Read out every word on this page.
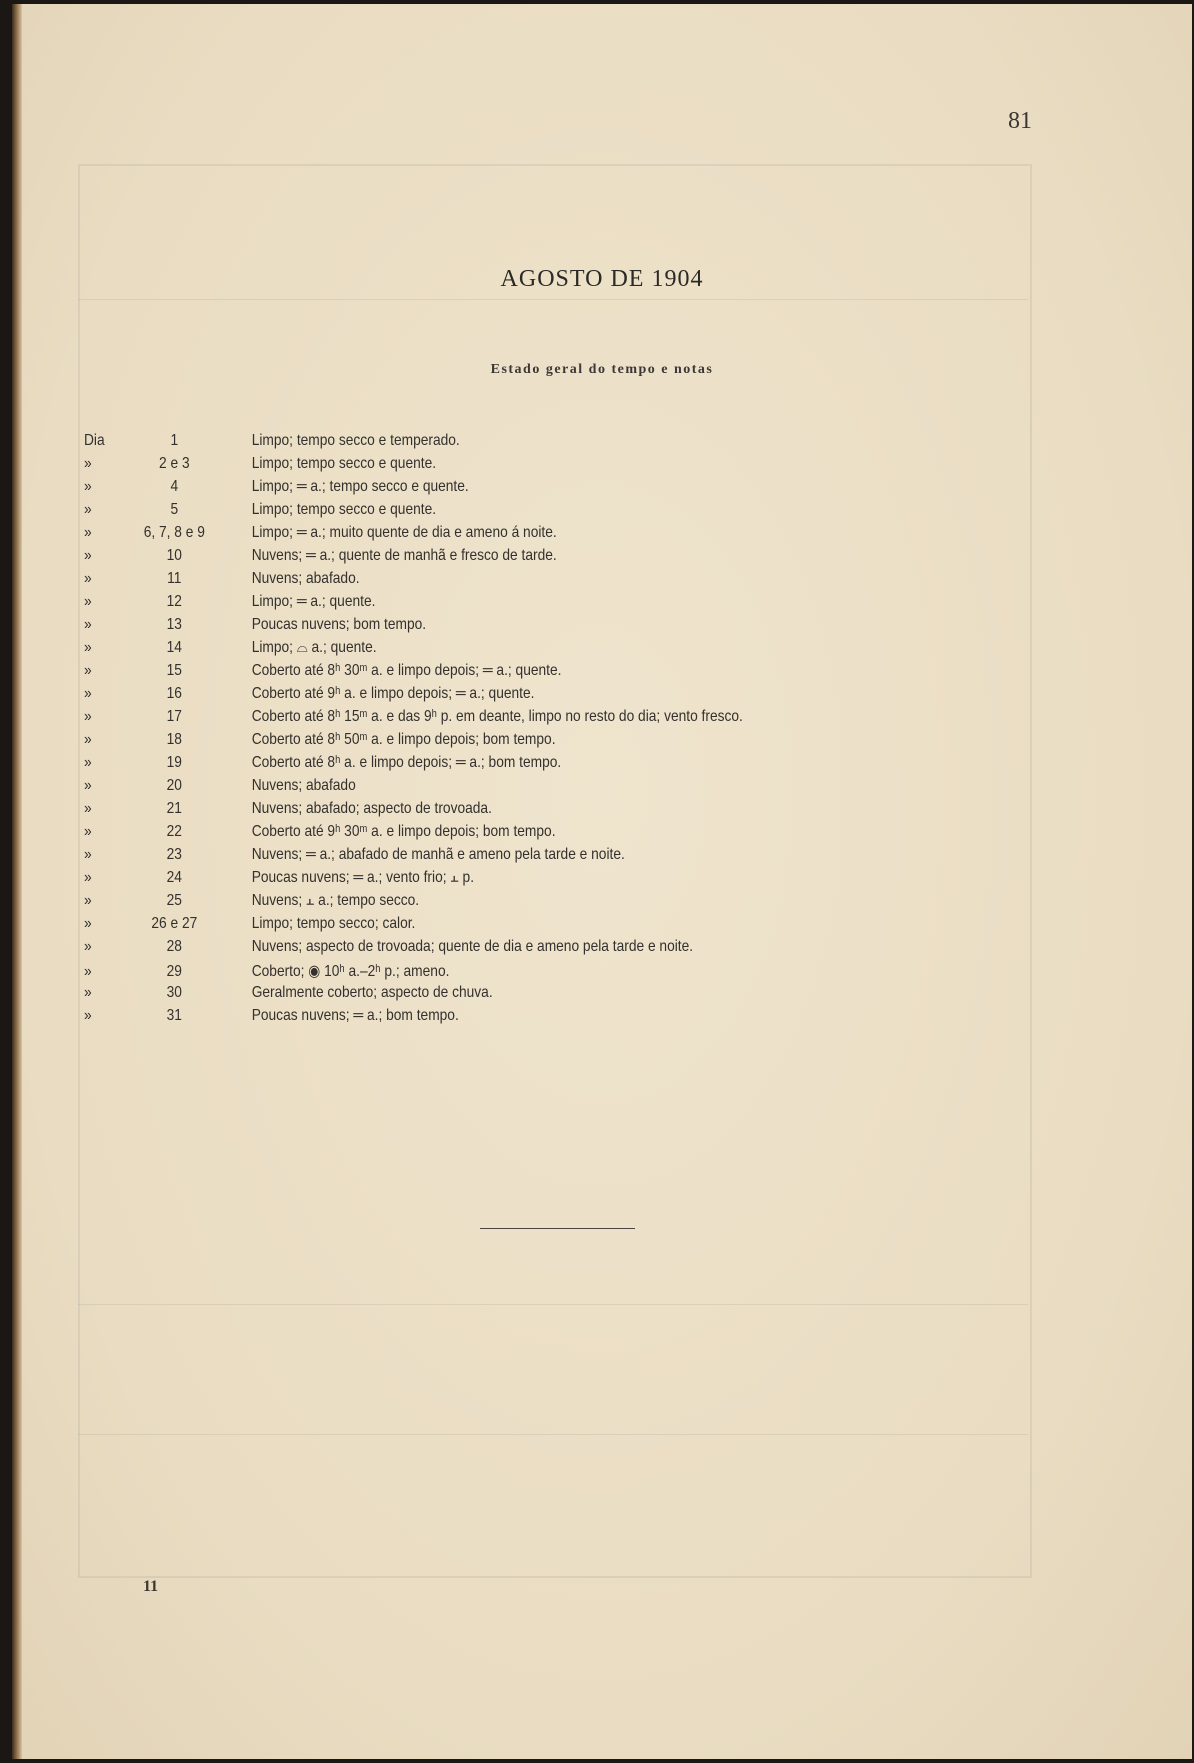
81
AGOSTO DE 1904
Estado geral do tempo e notas
Dia	1	Limpo; tempo secco e temperado.
»	2 e 3	Limpo; tempo secco e quente.
»	4	Limpo; ═ a.; tempo secco e quente.
»	5	Limpo; tempo secco e quente.
»	6, 7, 8 e 9	Limpo; ═ a.; muito quente de dia e ameno á noite.
»	10	Nuvens; ═ a.; quente de manhã e fresco de tarde.
»	11	Nuvens; abafado.
»	12	Limpo; ═ a.; quente.
»	13	Poucas nuvens; bom tempo.
»	14	Limpo; ⌓ a.; quente.
»	15	Coberto até 8ʰ 30ᵐ a. e limpo depois; ═ a.; quente.
»	16	Coberto até 9ʰ a. e limpo depois; ═ a.; quente.
»	17	Coberto até 8ʰ 15ᵐ a. e das 9ʰ p. em deante, limpo no resto do dia; vento fresco.
»	18	Coberto até 8ʰ 50ᵐ a. e limpo depois; bom tempo.
»	19	Coberto até 8ʰ a. e limpo depois; ═ a.; bom tempo.
»	20	Nuvens; abafado
»	21	Nuvens; abafado; aspecto de trovoada.
»	22	Coberto até 9ʰ 30ᵐ a. e limpo depois; bom tempo.
»	23	Nuvens; ═ a.; abafado de manhã e ameno pela tarde e noite.
»	24	Poucas nuvens; ═ a.; vento frio; ⫠ p.
»	25	Nuvens; ⫠ a.; tempo secco.
»	26 e 27	Limpo; tempo secco; calor.
»	28	Nuvens; aspecto de trovoada; quente de dia e ameno pela tarde e noite.
»	29	Coberto; ◉ 10ʰ a.–2ʰ p.; ameno.
»	30	Geralmente coberto; aspecto de chuva.
»	31	Poucas nuvens; ═ a.; bom tempo.
11
